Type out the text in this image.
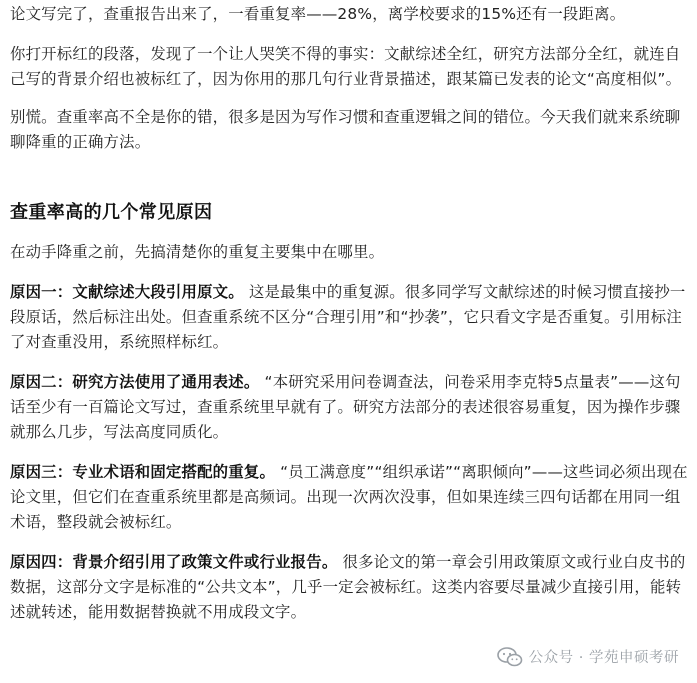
论文写完了，查重报告出来了，一看重复率——28%，离学校要求的15%还有一段距离。

你打开标红的段落，发现了一个让人哭笑不得的事实：文献综述全红，研究方法部分全红，就连自己写的背景介绍也被标红了，因为你用的那几句行业背景描述，跟某篇已发表的论文“高度相似”。

别慌。查重率高不全是你的错，很多是因为写作习惯和查重逻辑之间的错位。今天我们就来系统聊聊降重的正确方法。

查重率高的几个常见原因

在动手降重之前，先搞清楚你的重复主要集中在哪里。

原因一：文献综述大段引用原文。 这是最集中的重复源。很多同学写文献综述的时候习惯直接抄一段原话，然后标注出处。但查重系统不区分“合理引用”和“抄袭”，它只看文字是否重复。引用标注了对查重没用，系统照样标红。

原因二：研究方法使用了通用表述。 “本研究采用问卷调查法，问卷采用李克特5点量表”——这句话至少有一百篇论文写过，查重系统里早就有了。研究方法部分的表述很容易重复，因为操作步骤就那么几步，写法高度同质化。

原因三：专业术语和固定搭配的重复。 “员工满意度”“组织承诺”“离职倾向”——这些词必须出现在论文里，但它们在查重系统里都是高频词。出现一次两次没事，但如果连续三四句话都在用同一组术语，整段就会被标红。

原因四：背景介绍引用了政策文件或行业报告。 很多论文的第一章会引用政策原文或行业白皮书的数据，这部分文字是标准的“公共文本”，几乎一定会被标红。这类内容要尽量减少直接引用，能转述就转述，能用数据替换就不用成段文字。

公众号 · 学苑申硕考研
